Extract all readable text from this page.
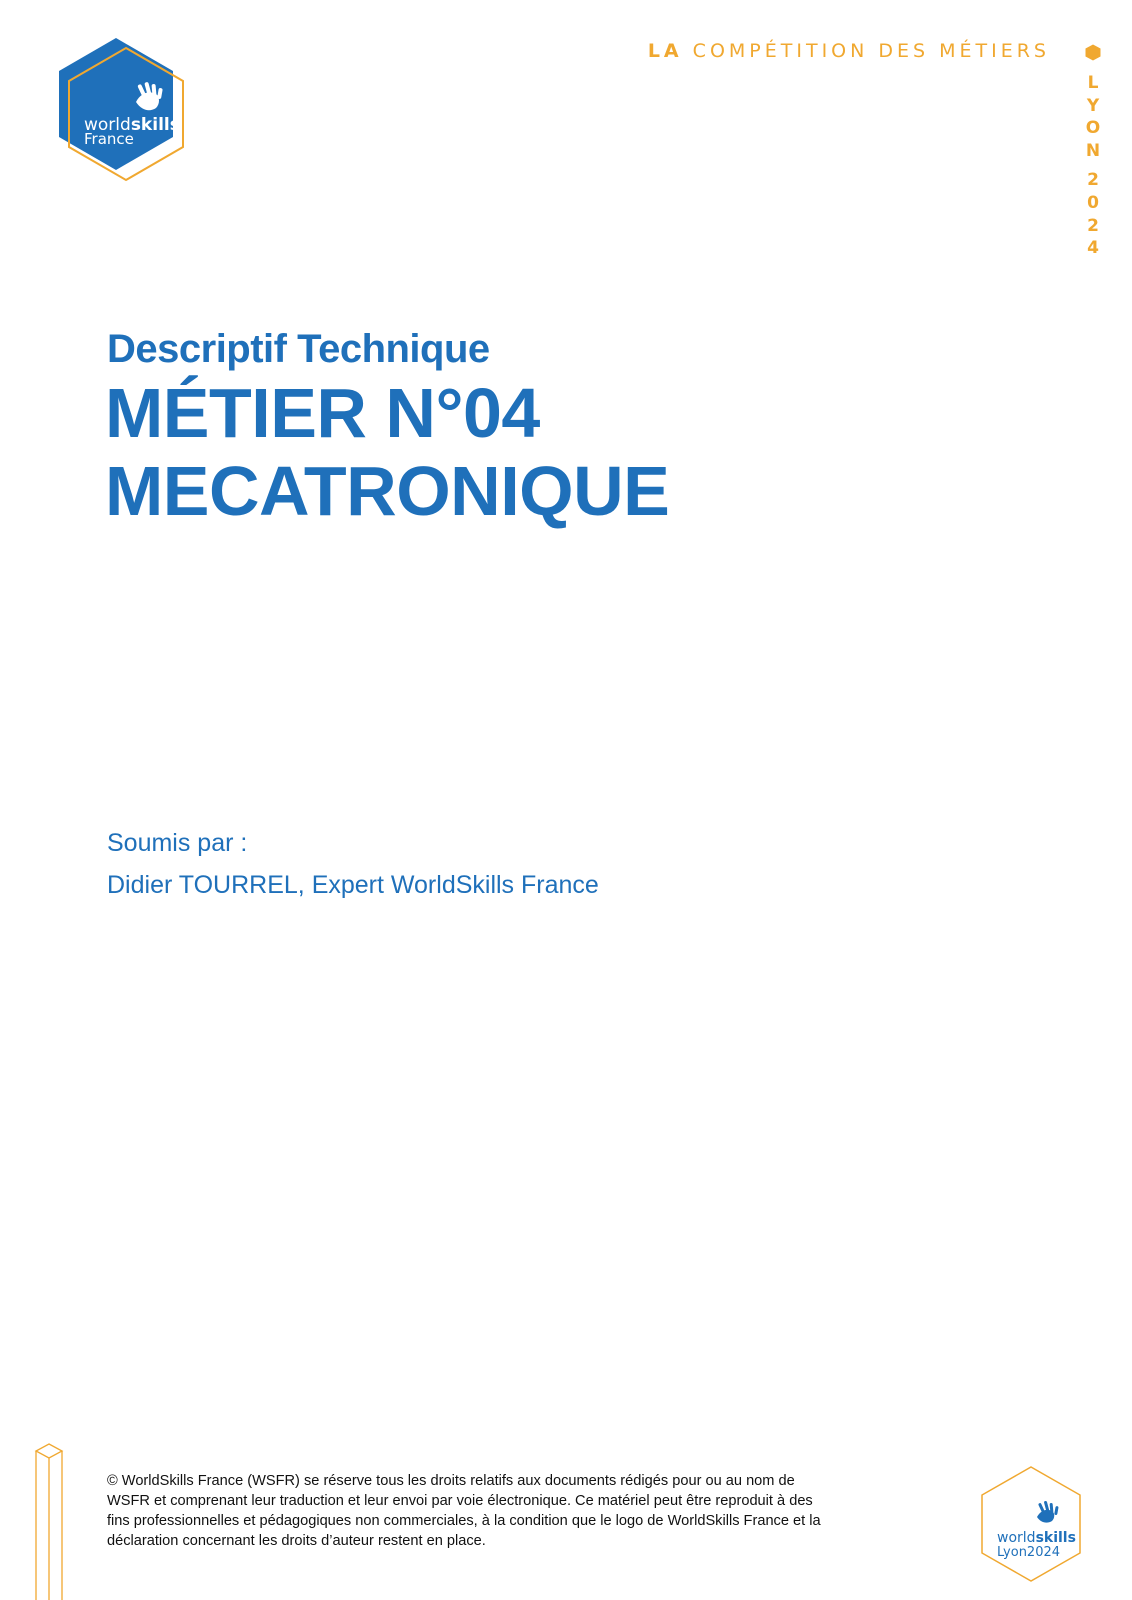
worldskills
France
LA COMPÉTITION DES MÉTIERS
L
Y
O
N
2
0
2
4
Descriptif Technique
MÉTIER N°04
MECATRONIQUE
Soumis par :
Didier TOURREL, Expert WorldSkills France
© WorldSkills France (WSFR) se réserve tous les droits relatifs aux documents rédigés pour ou au nom de WSFR et comprenant leur traduction et leur envoi par voie électronique. Ce matériel peut être reproduit à des fins professionnelles et pédagogiques non commerciales, à la condition que le logo de WorldSkills France et la déclaration concernant les droits d’auteur restent en place.	worldskills
Lyon2024
